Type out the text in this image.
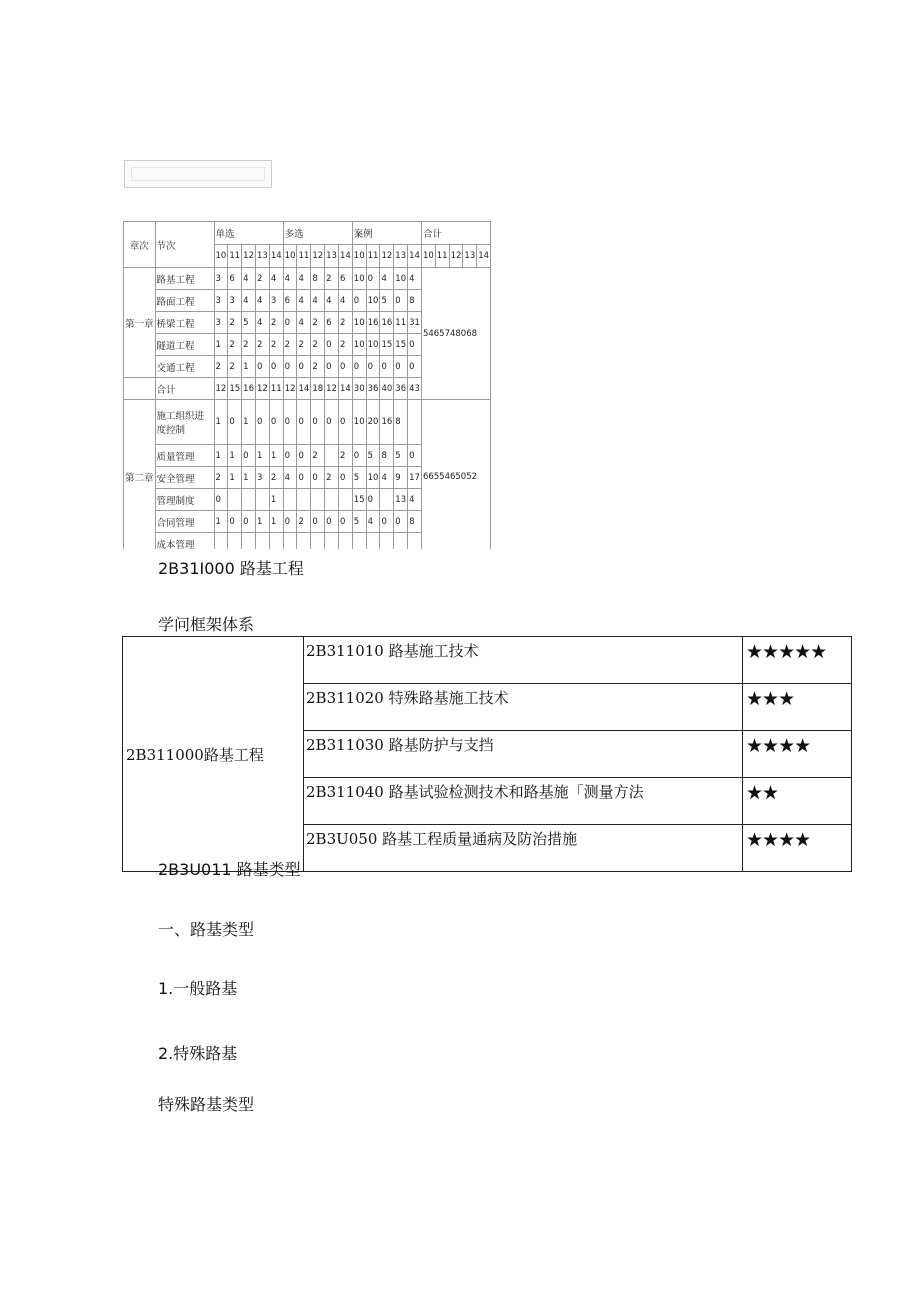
章次	节次	单选					多选					案例					合计				
		10	11	12	13	14	10	11	12	13	14	10	11	12	13	14	10	11	12	13	14
第一章	路基工程	3	6	4	2	4	4	4	8	2	6	10	0	4	10	4	5465748068				
	路面工程	3	3	4	4	3	6	4	4	4	4	0	10	5	0	8					
	桥梁工程	3	2	5	4	2	0	4	2	6	2	10	16	16	11	31					
	隧道工程	1	2	2	2	2	2	2	2	0	2	10	10	15	15	0					
	交通工程	2	2	1	0	0	0	0	2	0	0	0	0	0	0	0					
	合计	12	15	16	12	11	12	14	18	12	14	30	36	40	36	43					
第二章	施工组织进度控制	1	0	1	0	0	0	0	0	0	0	10	20	16	8		6655465052				
	质量管理	1	1	0	1	1	0	0	2		2	0	5	8	5	0					
	安全管理	2	1	1	3	2	4	0	0	2	0	5	10	4	9	17					
	管理制度	0				1						15	0		13	4					
	合同管理	1	0	0	1	1	0	2	0	0	0	5	4	0	0	8					
	成本管理																				
2B31I000 路基工程
学问框架体系
2B311000路基工程	2B311010 路基施工技术	★★★★★
	2B311020 特殊路基施工技术	★★★
	2B311030 路基防护与支挡	★★★★
	2B311040 路基试验检测技术和路基施「测量方法	★★
	2B3U050 路基工程质量通病及防治措施	★★★★
2B3U011 路基类型
一、路基类型
1.一般路基
2.特殊路基
特殊路基类型
